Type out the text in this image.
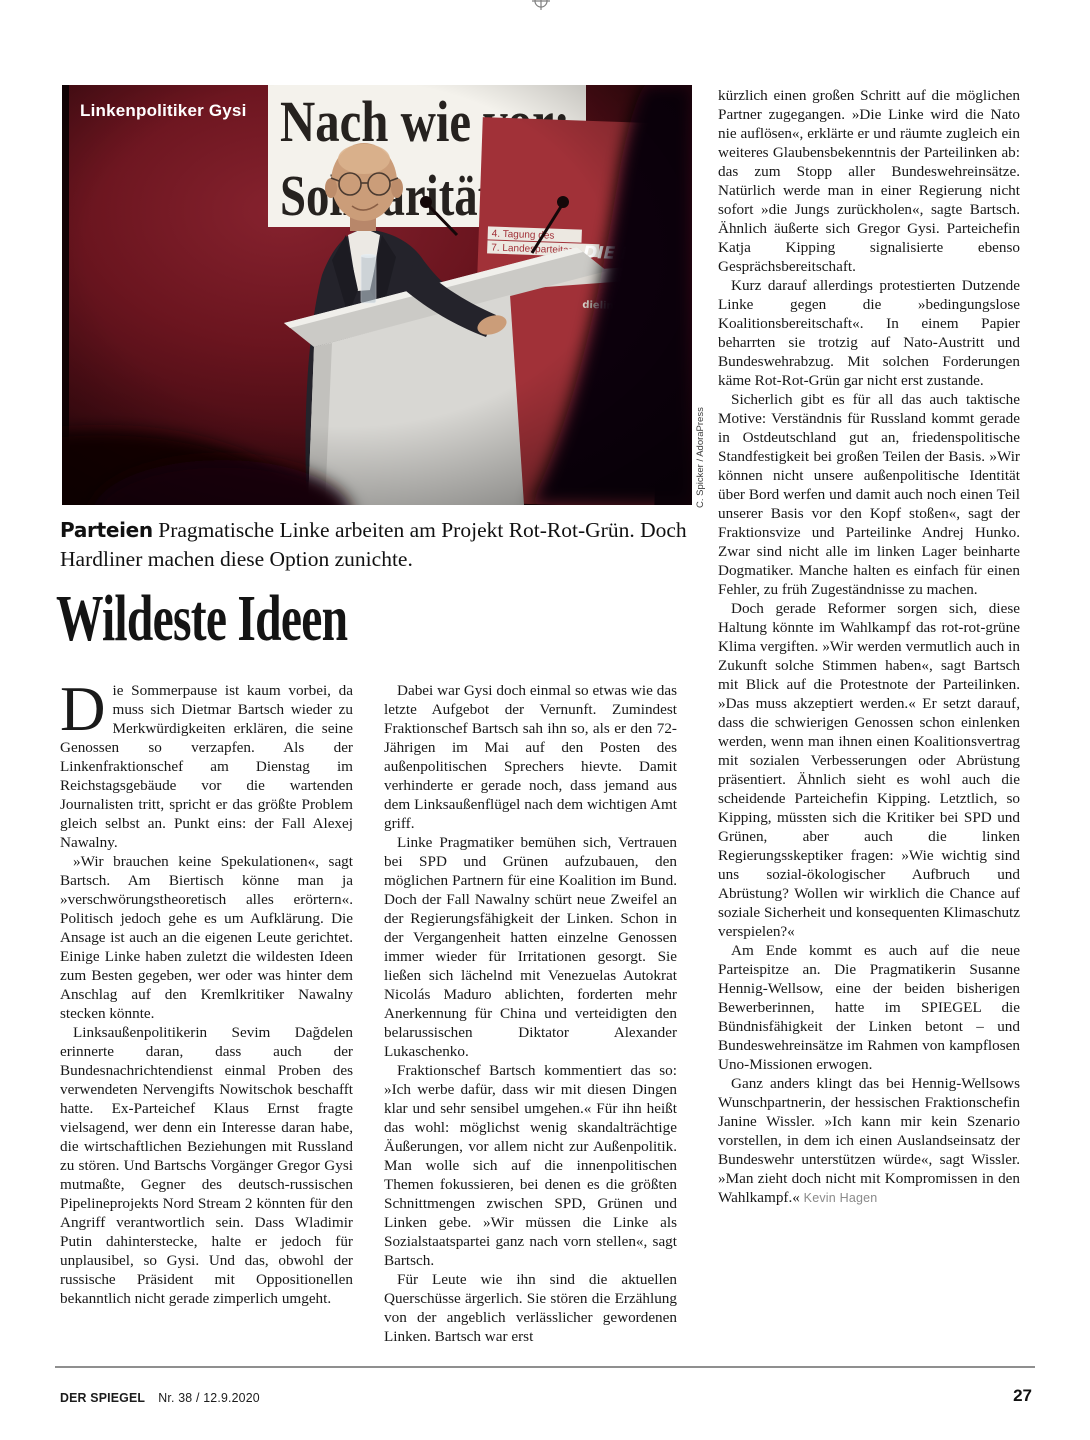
Linkenpolitiker Gysi
C. Spicker / AdoraPress
Parteien Pragmatische Linke arbeiten am Projekt Rot-Rot-Grün. Doch Hardliner machen diese Option zunichte.
Wildeste Ideen

Die Sommerpause ist kaum vorbei, da muss sich Dietmar Bartsch wieder zu Merkwürdigkeiten erklären, die seine Genossen so verzapfen. Als der Linkenfraktionschef am Dienstag im Reichstagsgebäude vor die wartenden Journalisten tritt, spricht er das größte Problem gleich selbst an. Punkt eins: der Fall Alexej Nawalny.

»Wir brauchen keine Spekulationen«, sagt Bartsch. Am Biertisch könne man ja »verschwörungstheoretisch alles erörtern«. Politisch jedoch gehe es um Aufklärung. Die Ansage ist auch an die eigenen Leute gerichtet. Einige Linke haben zuletzt die wildesten Ideen zum Besten gegeben, wer oder was hinter dem Anschlag auf den Kremlkritiker Nawalny stecken könnte.

Linksaußenpolitikerin Sevim Dağdelen erinnerte daran, dass auch der Bundesnachrichtendienst einmal Proben des verwendeten Nervengifts Nowitschok beschafft hatte. Ex-Parteichef Klaus Ernst fragte vielsagend, wer denn ein Interesse daran habe, die wirtschaftlichen Beziehungen mit Russland zu stören. Und Bartschs Vorgänger Gregor Gysi mutmaßte, Gegner des deutsch-russischen Pipelineprojekts Nord Stream 2 könnten für den Angriff verantwortlich sein. Dass Wladimir Putin dahinterstecke, halte er jedoch für unplausibel, so Gysi. Und das, obwohl der russische Präsident mit Oppositionellen bekanntlich nicht gerade zimperlich umgeht.

Dabei war Gysi doch einmal so etwas wie das letzte Aufgebot der Vernunft. Zumindest Fraktionschef Bartsch sah ihn so, als er den 72-Jährigen im Mai auf den Posten des außenpolitischen Sprechers hievte. Damit verhinderte er gerade noch, dass jemand aus dem Linksaußenflügel nach dem wichtigen Amt griff.

Linke Pragmatiker bemühen sich, Vertrauen bei SPD und Grünen aufzubauen, den möglichen Partnern für eine Koalition im Bund. Doch der Fall Nawalny schürt neue Zweifel an der Regierungsfähigkeit der Linken. Schon in der Vergangenheit hatten einzelne Genossen immer wieder für Irritationen gesorgt. Sie ließen sich lächelnd mit Venezuelas Autokrat Nicolás Maduro ablichten, forderten mehr Anerkennung für China und verteidigten den belarussischen Diktator Alexander Lukaschenko.

Fraktionschef Bartsch kommentiert das so: »Ich werbe dafür, dass wir mit diesen Dingen klar und sehr sensibel umgehen.« Für ihn heißt das wohl: möglichst wenig skandalträchtige Äußerungen, vor allem nicht zur Außenpolitik. Man wolle sich auf die innenpolitischen Themen fokussieren, bei denen es die größten Schnittmengen zwischen SPD, Grünen und Linken gebe. »Wir müssen die Linke als Sozialstaatspartei ganz nach vorn stellen«, sagt Bartsch.

Für Leute wie ihn sind die aktuellen Querschüsse ärgerlich. Sie stören die Erzählung von der angeblich verlässlicher gewordenen Linken. Bartsch war erst

kürzlich einen großen Schritt auf die möglichen Partner zugegangen. »Die Linke wird die Nato nie auflösen«, erklärte er und räumte zugleich ein weiteres Glaubensbekenntnis der Parteilinken ab: das zum Stopp aller Bundeswehreinsätze. Natürlich werde man in einer Regierung nicht sofort »die Jungs zurückholen«, sagte Bartsch. Ähnlich äußerte sich Gregor Gysi. Parteichefin Katja Kipping signalisierte ebenso Gesprächsbereitschaft.

Kurz darauf allerdings protestierten Dutzende Linke gegen die »bedingungslose Koalitionsbereitschaft«. In einem Papier beharrten sie trotzig auf Nato-Austritt und Bundeswehrabzug. Mit solchen Forderungen käme Rot-Rot-Grün gar nicht erst zustande.

Sicherlich gibt es für all das auch taktische Motive: Verständnis für Russland kommt gerade in Ostdeutschland gut an, friedenspolitische Standfestigkeit bei großen Teilen der Basis. »Wir können nicht unsere außenpolitische Identität über Bord werfen und damit auch noch einen Teil unserer Basis vor den Kopf stoßen«, sagt der Fraktionsvize und Parteilinke Andrej Hunko. Zwar sind nicht alle im linken Lager beinharte Dogmatiker. Manche halten es einfach für einen Fehler, zu früh Zugeständnisse zu machen.

Doch gerade Reformer sorgen sich, diese Haltung könnte im Wahlkampf das rot-rot-grüne Klima vergiften. »Wir werden vermutlich auch in Zukunft solche Stimmen haben«, sagt Bartsch mit Blick auf die Protestnote der Parteilinken. »Das muss akzeptiert werden.« Er setzt darauf, dass die schwierigen Genossen schon einlenken werden, wenn man ihnen einen Koalitionsvertrag mit sozialen Verbesserungen oder Abrüstung präsentiert. Ähnlich sieht es wohl auch die scheidende Parteichefin Kipping. Letztlich, so Kipping, müssten sich die Kritiker bei SPD und Grünen, aber auch die linken Regierungsskeptiker fragen: »Wie wichtig sind uns sozial-ökologischer Aufbruch und Abrüstung? Wollen wir wirklich die Chance auf soziale Sicherheit und konsequenten Klimaschutz verspielen?«

Am Ende kommt es auch auf die neue Parteispitze an. Die Pragmatikerin Susanne Hennig-Wellsow, eine der beiden bisherigen Bewerberinnen, hatte im SPIEGEL die Bündnisfähigkeit der Linken betont – und Bundeswehreinsätze im Rahmen von kampflosen Uno-Missionen erwogen.

Ganz anders klingt das bei Hennig-Wellsows Wunschpartnerin, der hessischen Fraktionschefin Janine Wissler. »Ich kann mir kein Szenario vorstellen, in dem ich einen Auslandseinsatz der Bundeswehr unterstützen würde«, sagt Wissler. »Man zieht doch nicht mit Kompromissen in den Wahlkampf.« Kevin Hagen

DER SPIEGEL Nr. 38 / 12.9.2020	27
